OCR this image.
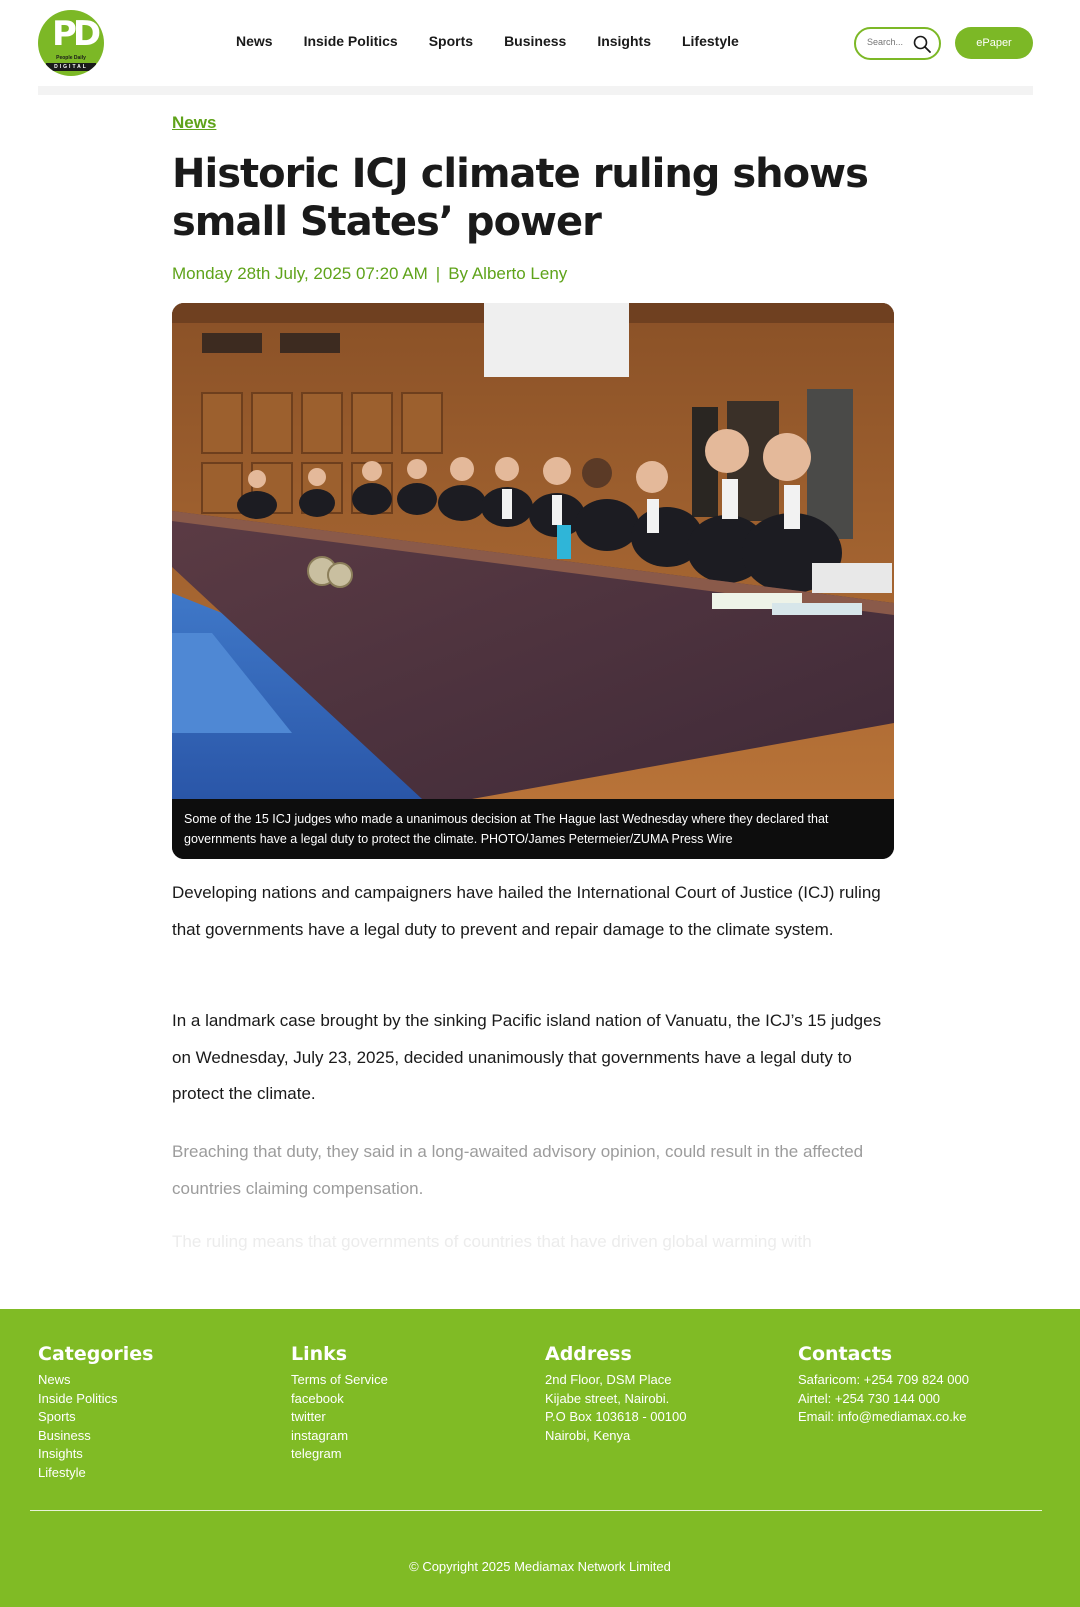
PD
People Daily
DIGITAL
News Inside Politics Sports Business Insights Lifestyle
Search...	ePaper
News
Historic ICJ climate ruling shows small States’ power
Monday 28th July, 2025 07:20 AM | By Alberto Leny
Some of the 15 ICJ judges who made a unanimous decision at The Hague last Wednesday where they declared that governments have a legal duty to protect the climate. PHOTO/James Petermeier/ZUMA Press Wire

Developing nations and campaigners have hailed the International Court of Justice (ICJ) ruling that governments have a legal duty to prevent and repair damage to the climate system.

In a landmark case brought by the sinking Pacific island nation of Vanuatu, the ICJ’s 15 judges on Wednesday, July 23, 2025, decided unanimously that governments have a legal duty to protect the climate.

Breaching that duty, they said in a long-awaited advisory opinion, could result in the affected countries claiming compensation.

The ruling means that governments of countries that have driven global warming with

Categories
News
Inside Politics
Sports
Business
Insights
Lifestyle
Links
Terms of Service
facebook
twitter
instagram
telegram
Address
2nd Floor, DSM Place
Kijabe street, Nairobi.
P.O Box 103618 - 00100
Nairobi, Kenya
Contacts
Safaricom: +254 709 824 000
Airtel: +254 730 144 000
Email: info@mediamax.co.ke
© Copyright 2025 Mediamax Network Limited
